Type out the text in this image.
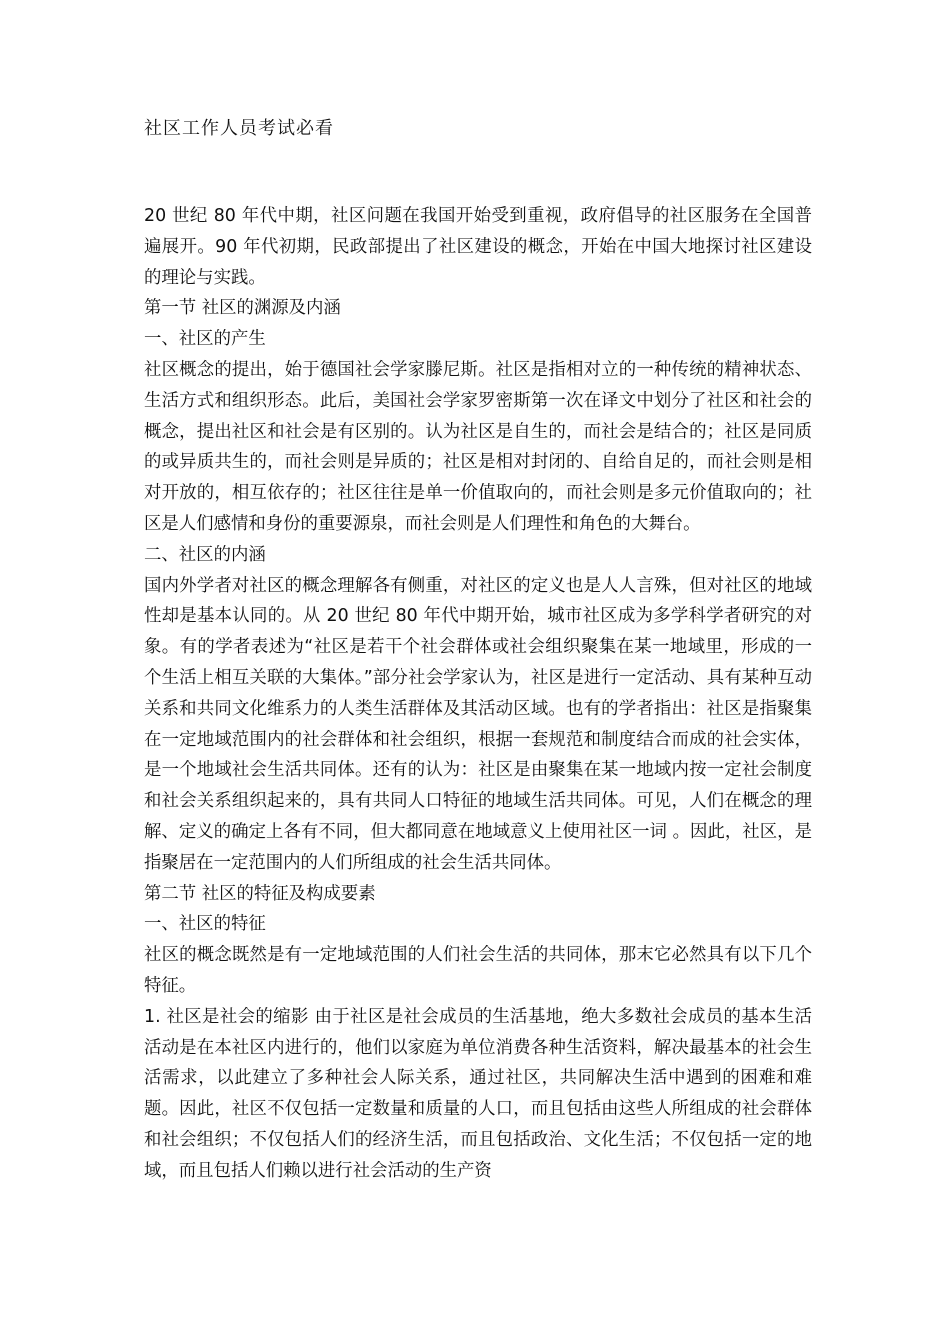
社区工作人员考试必看

20 世纪 80 年代中期，社区问题在我国开始受到重视，政府倡导的社区服务在全国普遍展开。90 年代初期，民政部提出了社区建设的概念，开始在中国大地探讨社区建设的理论与实践。

第一节 社区的渊源及内涵

一、社区的产生

社区概念的提出，始于德国社会学家滕尼斯。社区是指相对立的一种传统的精神状态、生活方式和组织形态。此后，美国社会学家罗密斯第一次在译文中划分了社区和社会的概念，提出社区和社会是有区别的。认为社区是自生的，而社会是结合的；社区是同质的或异质共生的，而社会则是异质的；社区是相对封闭的、自给自足的，而社会则是相对开放的，相互依存的；社区往往是单一价值取向的，而社会则是多元价值取向的；社区是人们感情和身份的重要源泉，而社会则是人们理性和角色的大舞台。

二、社区的内涵

国内外学者对社区的概念理解各有侧重，对社区的定义也是人人言殊，但对社区的地域性却是基本认同的。从 20 世纪 80 年代中期开始，城市社区成为多学科学者研究的对象。有的学者表述为“社区是若干个社会群体或社会组织聚集在某一地域里，形成的一个生活上相互关联的大集体。”部分社会学家认为，社区是进行一定活动、具有某种互动关系和共同文化维系力的人类生活群体及其活动区域。也有的学者指出：社区是指聚集在一定地域范围内的社会群体和社会组织，根据一套规范和制度结合而成的社会实体，是一个地域社会生活共同体。还有的认为：社区是由聚集在某一地域内按一定社会制度和社会关系组织起来的，具有共同人口特征的地域生活共同体。可见，人们在概念的理解、定义的确定上各有不同，但大都同意在地域意义上使用社区一词 。因此，社区，是指聚居在一定范围内的人们所组成的社会生活共同体。

第二节 社区的特征及构成要素

一、社区的特征

社区的概念既然是有一定地域范围的人们社会生活的共同体，那末它必然具有以下几个特征。

1. 社区是社会的缩影 由于社区是社会成员的生活基地，绝大多数社会成员的基本生活活动是在本社区内进行的，他们以家庭为单位消费各种生活资料，解决最基本的社会生活需求，以此建立了多种社会人际关系，通过社区，共同解决生活中遇到的困难和难题。因此，社区不仅包括一定数量和质量的人口，而且包括由这些人所组成的社会群体和社会组织；不仅包括人们的经济生活，而且包括政治、文化生活；不仅包括一定的地域，而且包括人们赖以进行社会活动的生产资
